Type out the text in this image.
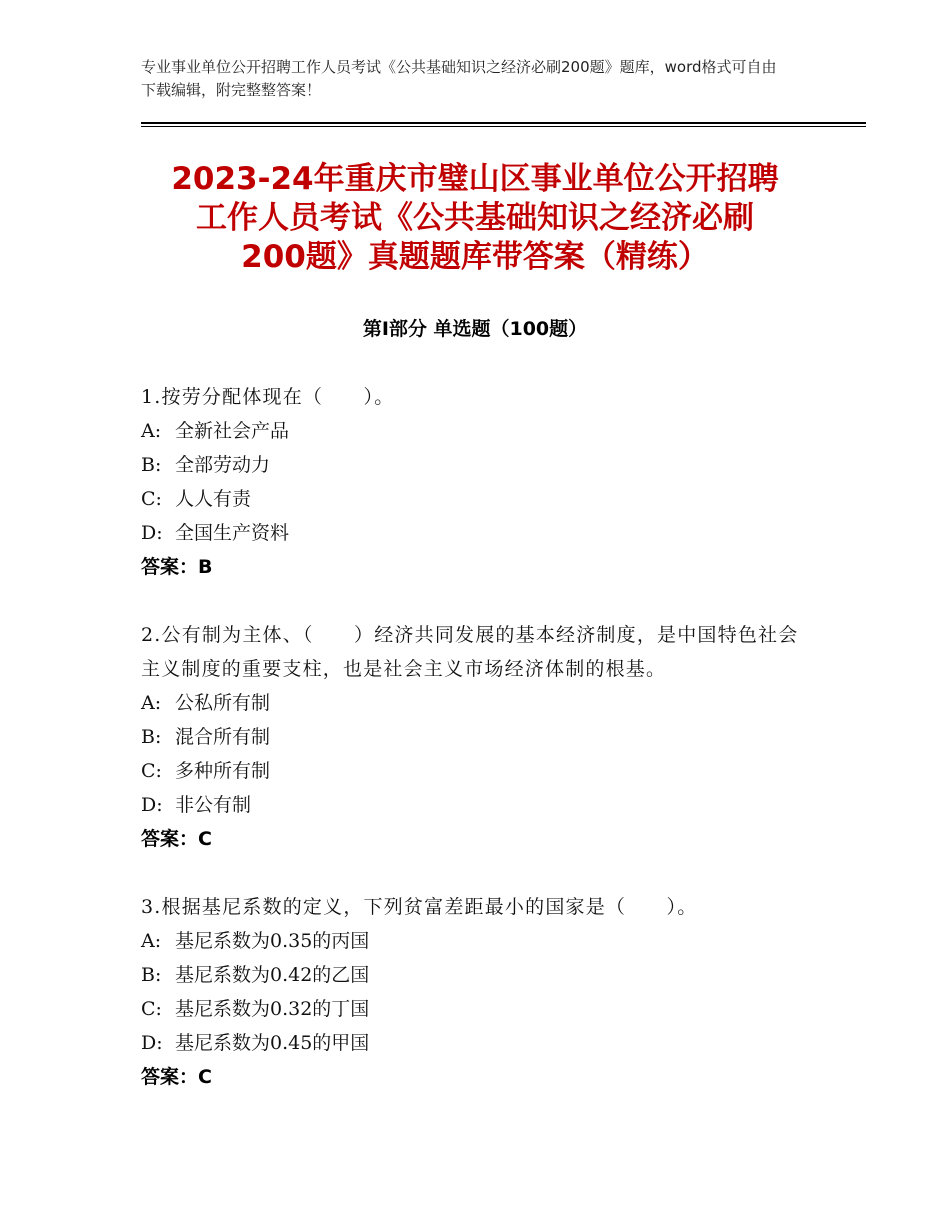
专业事业单位公开招聘工作人员考试《公共基础知识之经济必刷200题》题库，word格式可自由下载编辑，附完整整答案！
2023-24年重庆市璧山区事业单位公开招聘
工作人员考试《公共基础知识之经济必刷
200题》真题题库带答案（精练）
第Ⅰ部分 单选题（100题）
1.按劳分配体现在（　　）。
A: 全新社会产品
B: 全部劳动力
C: 人人有责
D: 全国生产资料
答案：B
2.公有制为主体、（　　）经济共同发展的基本经济制度，是中国特色社会主义制度的重要支柱，也是社会主义市场经济体制的根基。
A: 公私所有制
B: 混合所有制
C: 多种所有制
D: 非公有制
答案：C
3.根据基尼系数的定义，下列贫富差距最小的国家是（　　）。
A: 基尼系数为0.35的丙国
B: 基尼系数为0.42的乙国
C: 基尼系数为0.32的丁国
D: 基尼系数为0.45的甲国
答案：C
